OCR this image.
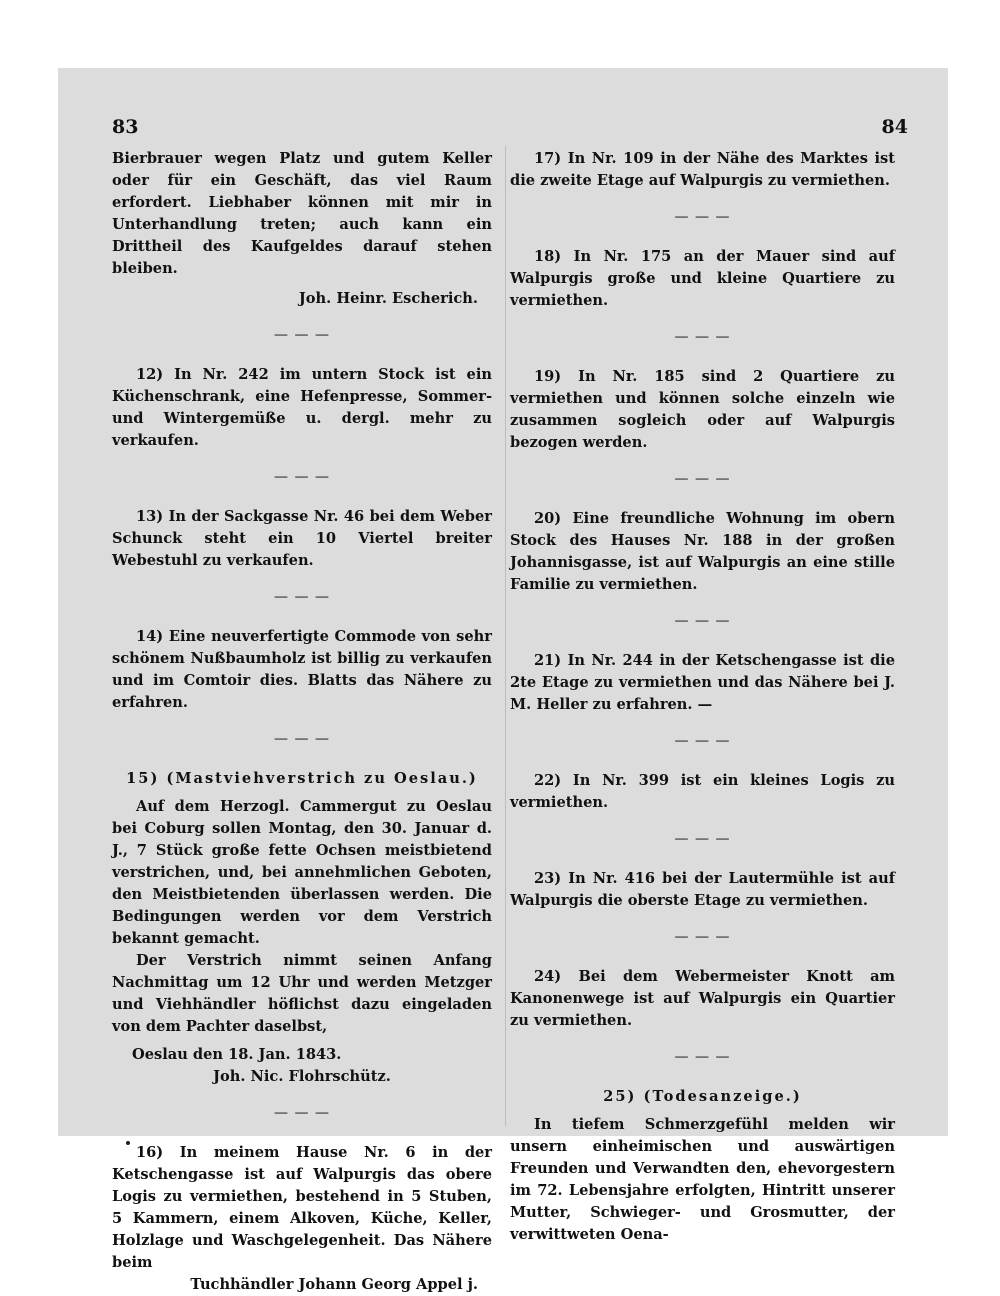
83	84

Bierbrauer wegen Platz und gutem Keller oder für ein Geschäft, das viel Raum erfordert. Liebhaber können mit mir in Unterhandlung treten; auch kann ein Drittheil des Kaufgeldes darauf stehen bleiben.

Joh. Heinr. Escherich.

— — —

12) In Nr. 242 im untern Stock ist ein Küchenschrank, eine Hefenpresse, Sommer- und Wintergemüße u. dergl. mehr zu verkaufen.

— — —

13) In der Sackgasse Nr. 46 bei dem Weber Schunck steht ein 10 Viertel breiter Webestuhl zu verkaufen.

— — —

14) Eine neuverfertigte Commode von sehr schönem Nußbaumholz ist billig zu verkaufen und im Comtoir dies. Blatts das Nähere zu erfahren.

— — —

15) (Mastviehverstrich zu Oeslau.)

Auf dem Herzogl. Cammergut zu Oeslau bei Coburg sollen Montag, den 30. Januar d. J., 7 Stück große fette Ochsen meistbietend verstrichen, und, bei annehmlichen Geboten, den Meistbietenden überlassen werden. Die Bedingungen werden vor dem Verstrich bekannt gemacht.

Der Verstrich nimmt seinen Anfang Nachmittag um 12 Uhr und werden Metzger und Viehhändler höflichst dazu eingeladen von dem Pachter daselbst,

Oeslau den 18. Jan. 1843.

Joh. Nic. Flohrschütz.

— — —

16) In meinem Hause Nr. 6 in der Ketschengasse ist auf Walpurgis das obere Logis zu vermiethen, bestehend in 5 Stuben, 5 Kammern, einem Alkoven, Küche, Keller, Holzlage und Waschgelegenheit. Das Nähere beim

Tuchhändler Johann Georg Appel j.

17) In Nr. 109 in der Nähe des Marktes ist die zweite Etage auf Walpurgis zu vermiethen.

— — —

18) In Nr. 175 an der Mauer sind auf Walpurgis große und kleine Quartiere zu vermiethen.

— — —

19) In Nr. 185 sind 2 Quartiere zu vermiethen und können solche einzeln wie zusammen sogleich oder auf Walpurgis bezogen werden.

— — —

20) Eine freundliche Wohnung im obern Stock des Hauses Nr. 188 in der großen Johannisgasse, ist auf Walpurgis an eine stille Familie zu vermiethen.

— — —

21) In Nr. 244 in der Ketschengasse ist die 2te Etage zu vermiethen und das Nähere bei J. M. Heller zu erfahren. —

— — —

22) In Nr. 399 ist ein kleines Logis zu vermiethen.

— — —

23) In Nr. 416 bei der Lautermühle ist auf Walpurgis die oberste Etage zu vermiethen.

— — —

24) Bei dem Webermeister Knott am Kanonenwege ist auf Walpurgis ein Quartier zu vermiethen.

— — —

25) (Todesanzeige.)

In tiefem Schmerzgefühl melden wir unsern einheimischen und auswärtigen Freunden und Verwandten den, ehevorgestern im 72. Lebensjahre erfolgten, Hintritt unserer Mutter, Schwieger- und Grosmutter, der verwittweten Oena-
